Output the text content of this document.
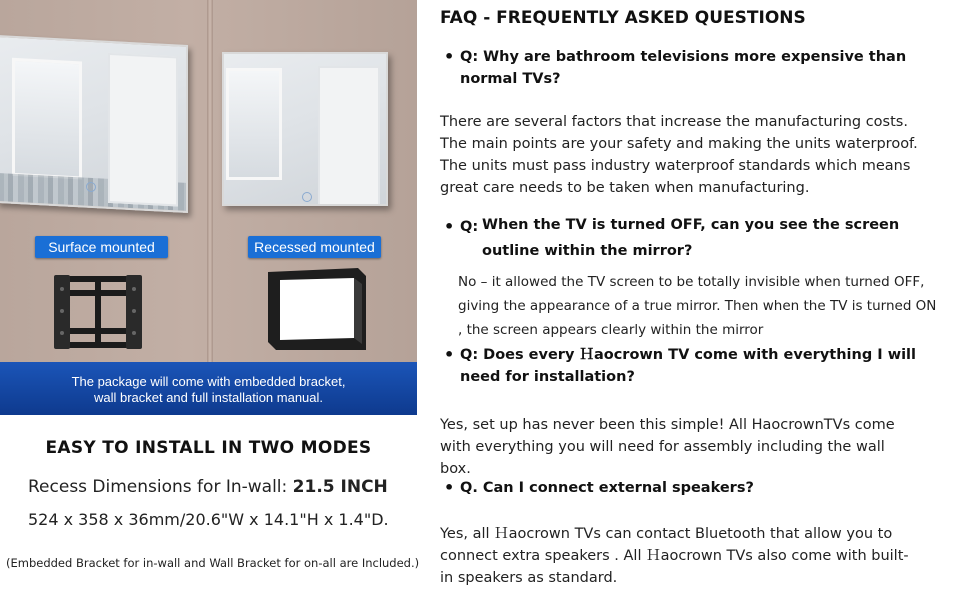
Surface mounted	Recessed mounted
The package will come with embedded bracket,
wall bracket and full installation manual.
EASY TO INSTALL IN TWO MODES
Recess Dimensions for In-wall: 21.5 INCH
524 x 358 x 36mm/20.6"W x 14.1"H x 1.4"D.
(Embedded Bracket for in-wall and Wall Bracket for on-all are Included.)
FAQ - FREQUENTLY ASKED QUESTIONS
• Q: Why are bathroom televisions more expensive than normal TVs?
There are several factors that increase the manufacturing costs. The main points are your safety and making the units waterproof. The units must pass industry waterproof standards which means great care needs to be taken when manufacturing.
• Q: When the TV is turned OFF, can you see the screen outline within the mirror?
No – it allowed the TV screen to be totally invisible when turned OFF,
giving the appearance of a true mirror. Then when the TV is turned ON
, the screen appears clearly within the mirror
• Q: Does every Ｈaocrown TV come with everything I will need for installation?
Yes, set up has never been this simple! All HaocrownTVs come with everything you will need for assembly including the wall box.
• Q. Can I connect external speakers?
Yes, all Ｈaocrown TVs can contact Bluetooth that allow you to connect extra speakers . All Ｈaocrown TVs also come with built-in speakers as standard.
